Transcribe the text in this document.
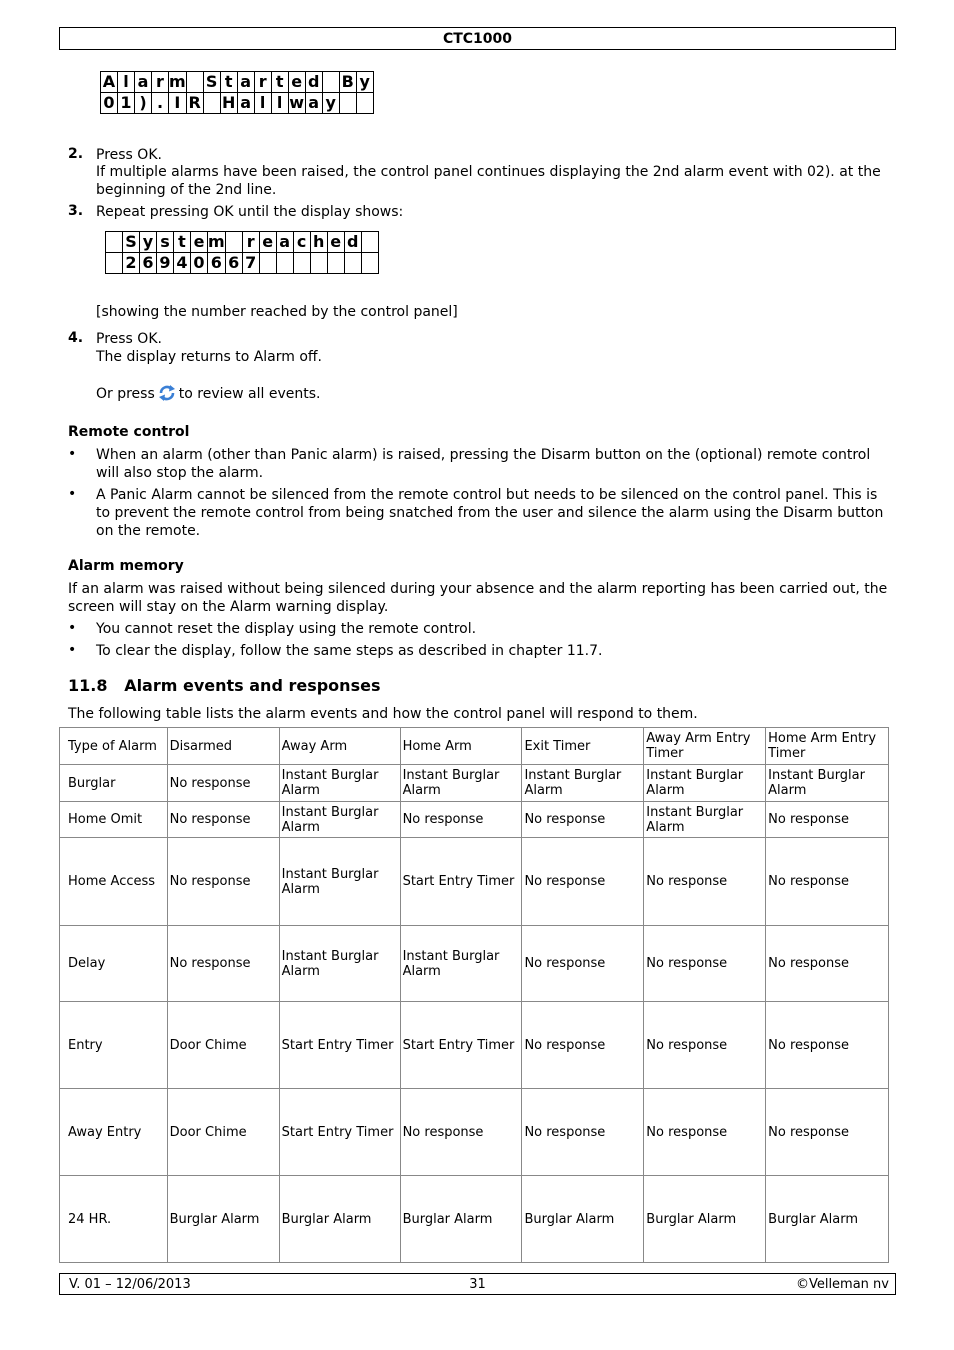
CTC1000
A	l	a	r	m		S	t	a	r	t	e	d		B	y
0	1	)	.	I	R		H	a	l	l	w	a	y		
2. Press OK.
If multiple alarms have been raised, the control panel continues displaying the 2nd alarm event with 02). at the beginning of the 2nd line.
3. Repeat pressing OK until the display shows:
	S	y	s	t	e	m		r	e	a	c	h	e	d	
	2	6	9	4	0	6	6	7							
[showing the number reached by the control panel]
4. Press OK.
The display returns to Alarm off.
Or press to review all events.
Remote control
• When an alarm (other than Panic alarm) is raised, pressing the Disarm button on the (optional) remote control will also stop the alarm.
• A Panic Alarm cannot be silenced from the remote control but needs to be silenced on the control panel. This is to prevent the remote control from being snatched from the user and silence the alarm using the Disarm button on the remote.
Alarm memory
If an alarm was raised without being silenced during your absence and the alarm reporting has been carried out, the screen will stay on the Alarm warning display.
• You cannot reset the display using the remote control.
• To clear the display, follow the same steps as described in chapter 11.7.
11.8   Alarm events and responses
The following table lists the alarm events and how the control panel will respond to them.
Type of Alarm	Disarmed	Away Arm	Home Arm	Exit Timer	Away Arm Entry Timer	Home Arm Entry Timer
Burglar	No response	Instant Burglar Alarm	Instant Burglar Alarm	Instant Burglar Alarm	Instant Burglar Alarm	Instant Burglar Alarm
Home Omit	No response	Instant Burglar Alarm	No response	No response	Instant Burglar Alarm	No response
Home Access	No response	Instant Burglar Alarm	Start Entry Timer	No response	No response	No response
Delay	No response	Instant Burglar Alarm	Instant Burglar Alarm	No response	No response	No response
Entry	Door Chime	Start Entry Timer	Start Entry Timer	No response	No response	No response
Away Entry	Door Chime	Start Entry Timer	No response	No response	No response	No response
24 HR.	Burglar Alarm	Burglar Alarm	Burglar Alarm	Burglar Alarm	Burglar Alarm	Burglar Alarm
V. 01 – 12/06/2013	31	©Velleman nv
